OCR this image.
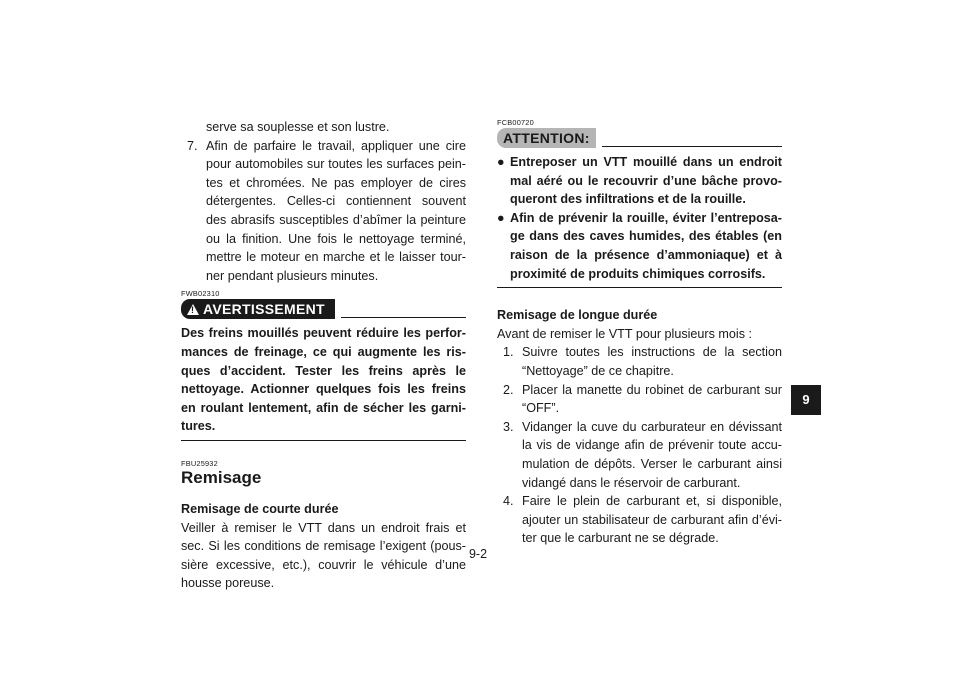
serve sa souplesse et son lustre.
7. Afin de parfaire le travail, appliquer une cire pour automobiles sur toutes les surfaces pein-tes et chromées. Ne pas employer de cires détergentes. Celles-ci contiennent souvent des abrasifs susceptibles d’abîmer la peinture ou la finition. Une fois le nettoyage terminé, mettre le moteur en marche et le laisser tour-ner pendant plusieurs minutes.
FWB02310
!AVERTISSEMENT
Des freins mouillés peuvent réduire les perfor-mances de freinage, ce qui augmente les ris-ques d’accident. Tester les freins après le nettoyage. Actionner quelques fois les freins en roulant lentement, afin de sécher les garni-tures.
FBU25932
Remisage
Remisage de courte durée
Veiller à remiser le VTT dans un endroit frais et sec. Si les conditions de remisage l’exigent (pous-sière excessive, etc.), couvrir le véhicule d’une housse poreuse.
FCB00720
ATTENTION:
● Entreposer un VTT mouillé dans un endroit mal aéré ou le recouvrir d’une bâche provo-queront des infiltrations et de la rouille.
● Afin de prévenir la rouille, éviter l’entreposa-ge dans des caves humides, des étables (en raison de la présence d’ammoniaque) et à proximité de produits chimiques corrosifs.
Remisage de longue durée
Avant de remiser le VTT pour plusieurs mois :
1. Suivre toutes les instructions de la section “Nettoyage” de ce chapitre.
2. Placer la manette du robinet de carburant sur “OFF”.
3. Vidanger la cuve du carburateur en dévissant la vis de vidange afin de prévenir toute accu-mulation de dépôts. Verser le carburant ainsi vidangé dans le réservoir de carburant.
4. Faire le plein de carburant et, si disponible, ajouter un stabilisateur de carburant afin d’évi-ter que le carburant ne se dégrade.
9-2
9
